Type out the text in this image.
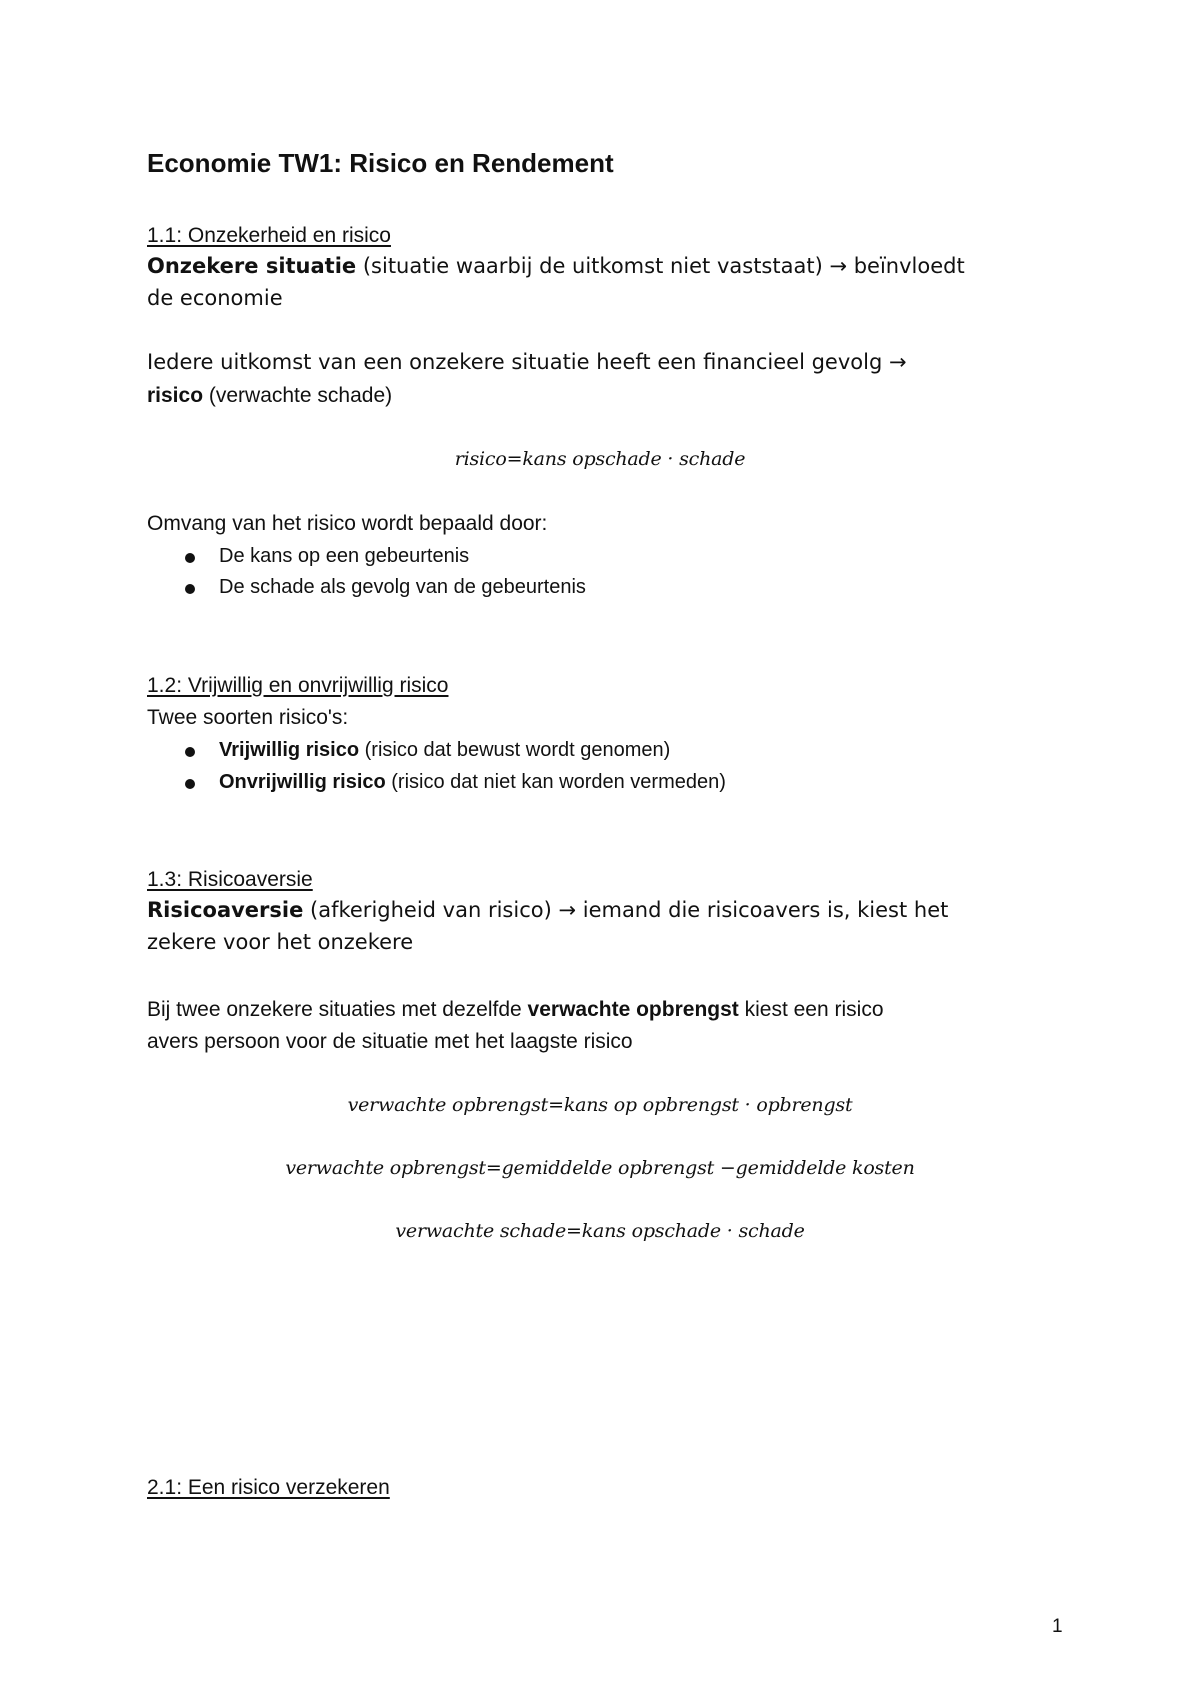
Economie TW1: Risico en Rendement
1.1: Onzekerheid en risico
Onzekere situatie (situatie waarbij de uitkomst niet vaststaat) → beïnvloedt
de economie
Iedere uitkomst van een onzekere situatie heeft een financieel gevolg →
risico (verwachte schade)
risico=kans opschade · schade
Omvang van het risico wordt bepaald door:
De kans op een gebeurtenis
De schade als gevolg van de gebeurtenis
1.2: Vrijwillig en onvrijwillig risico
Twee soorten risico's:
Vrijwillig risico (risico dat bewust wordt genomen)
Onvrijwillig risico (risico dat niet kan worden vermeden)
1.3: Risicoaversie
Risicoaversie (afkerigheid van risico) → iemand die risicoavers is, kiest het
zekere voor het onzekere
Bij twee onzekere situaties met dezelfde verwachte opbrengst kiest een risico
avers persoon voor de situatie met het laagste risico
verwachte opbrengst=kans op opbrengst · opbrengst
verwachte opbrengst=gemiddelde opbrengst −gemiddelde kosten
verwachte schade=kans opschade · schade
2.1: Een risico verzekeren
1
